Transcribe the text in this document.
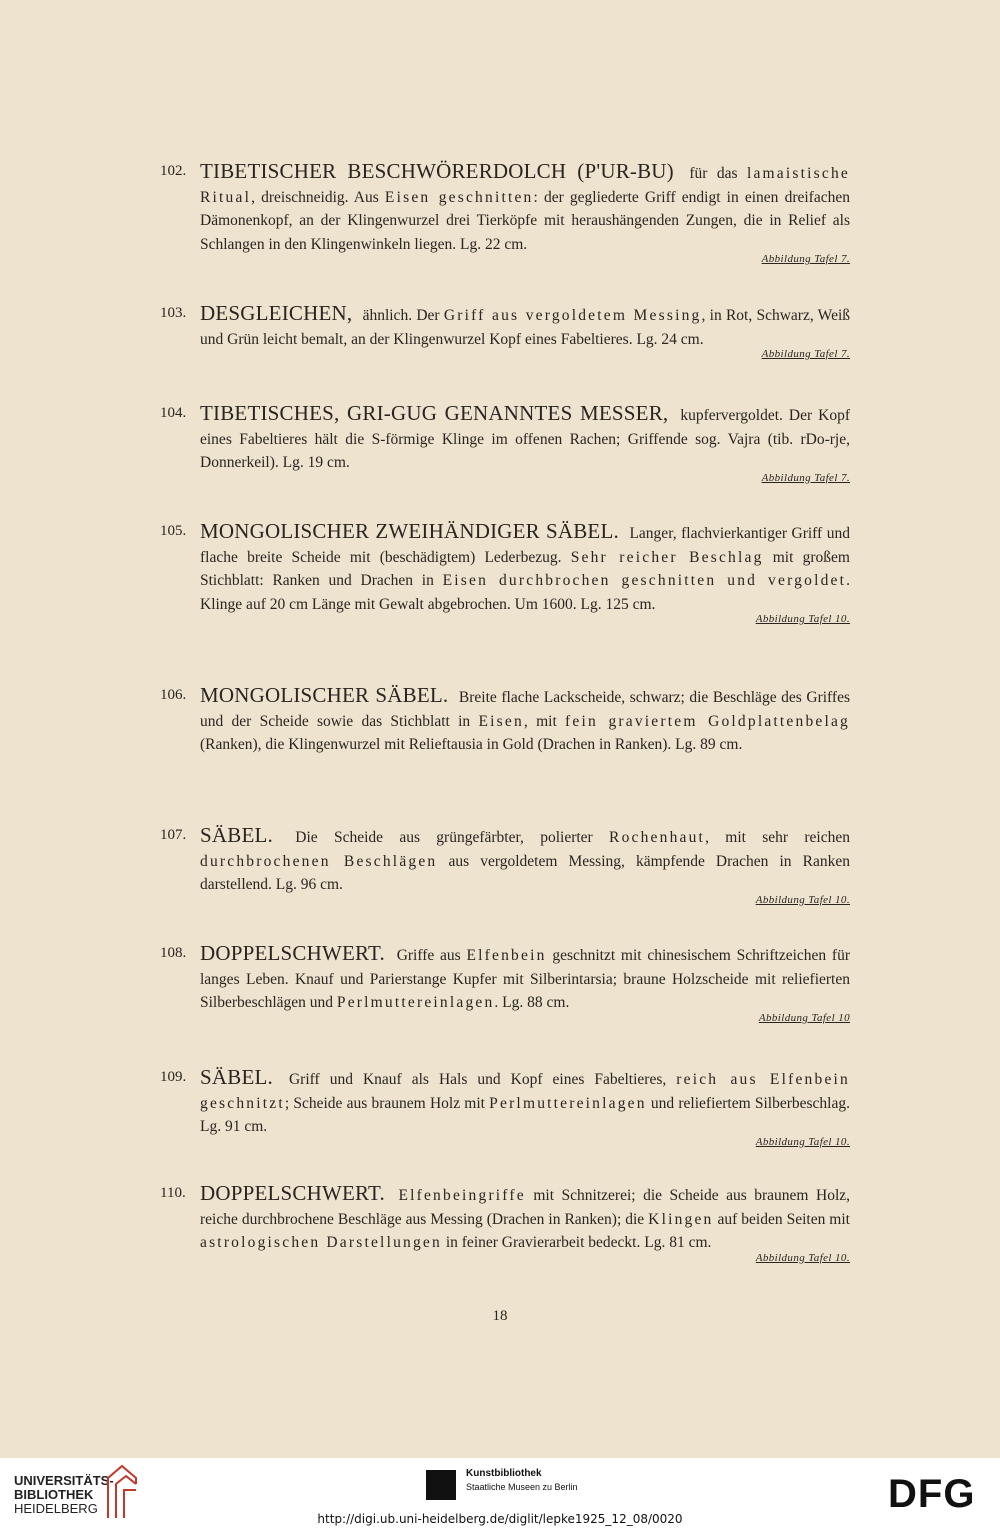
102. TIBETISCHER BESCHWÖRERDOLCH (P'UR-BU) für das lamaistische Ritual, dreischneidig. Aus Eisen geschnitten: der gegliederte Griff endigt in einen dreifachen Dämonenkopf, an der Klingenwurzel drei Tierköpfe mit heraushängenden Zungen, die in Relief als Schlangen in den Klingenwinkeln liegen. Lg. 22 cm.
Abbildung Tafel 7.
103. DESGLEICHEN, ähnlich. Der Griff aus vergoldetem Messing, in Rot, Schwarz, Weiß und Grün leicht bemalt, an der Klingenwurzel Kopf eines Fabeltieres. Lg. 24 cm.
Abbildung Tafel 7.
104. TIBETISCHES, GRI-GUG GENANNTES MESSER, kupfervergoldet. Der Kopf eines Fabeltieres hält die S-förmige Klinge im offenen Rachen; Griffende sog. Vajra (tib. rDo-rje, Donnerkeil). Lg. 19 cm.
Abbildung Tafel 7.
105. MONGOLISCHER ZWEIHÄNDIGER SÄBEL. Langer, flachvierkantiger Griff und flache breite Scheide mit (beschädigtem) Lederbezug. Sehr reicher Beschlag mit großem Stichblatt: Ranken und Drachen in Eisen durchbrochen geschnitten und vergoldet. Klinge auf 20 cm Länge mit Gewalt abgebrochen. Um 1600. Lg. 125 cm.
Abbildung Tafel 10.
106. MONGOLISCHER SÄBEL. Breite flache Lackscheide, schwarz; die Beschläge des Griffes und der Scheide sowie das Stichblatt in Eisen, mit fein graviertem Goldplattenbelag (Ranken), die Klingenwurzel mit Relieftausia in Gold (Drachen in Ranken). Lg. 89 cm.
107. SÄBEL. Die Scheide aus grüngefärbter, polierter Rochenhaut, mit sehr reichen durchbrochenen Beschlägen aus vergoldetem Messing, kämpfende Drachen in Ranken darstellend. Lg. 96 cm.
Abbildung Tafel 10.
108. DOPPELSCHWERT. Griffe aus Elfenbein geschnitzt mit chinesischem Schriftzeichen für langes Leben. Knauf und Parierstange Kupfer mit Silberintarsia; braune Holzscheide mit reliefierten Silberbeschlägen und Perlmuttereinlagen. Lg. 88 cm.
Abbildung Tafel 10
109. SÄBEL. Griff und Knauf als Hals und Kopf eines Fabeltieres, reich aus Elfenbein geschnitzt; Scheide aus braunem Holz mit Perlmuttereinlagen und reliefiertem Silberbeschlag. Lg. 91 cm.
Abbildung Tafel 10.
110. DOPPELSCHWERT. Elfenbeingriffe mit Schnitzerei; die Scheide aus braunem Holz, reiche durchbrochene Beschläge aus Messing (Drachen in Ranken); die Klingen auf beiden Seiten mit astrologischen Darstellungen in feiner Gravierarbeit bedeckt. Lg. 81 cm.
Abbildung Tafel 10.
18
UNIVERSITÄTS-
BIBLIOTHEK
HEIDELBERG
Kunstbibliothek
Staatliche Museen zu Berlin	DFG
http://digi.ub.uni-heidelberg.de/diglit/lepke1925_12_08/0020
